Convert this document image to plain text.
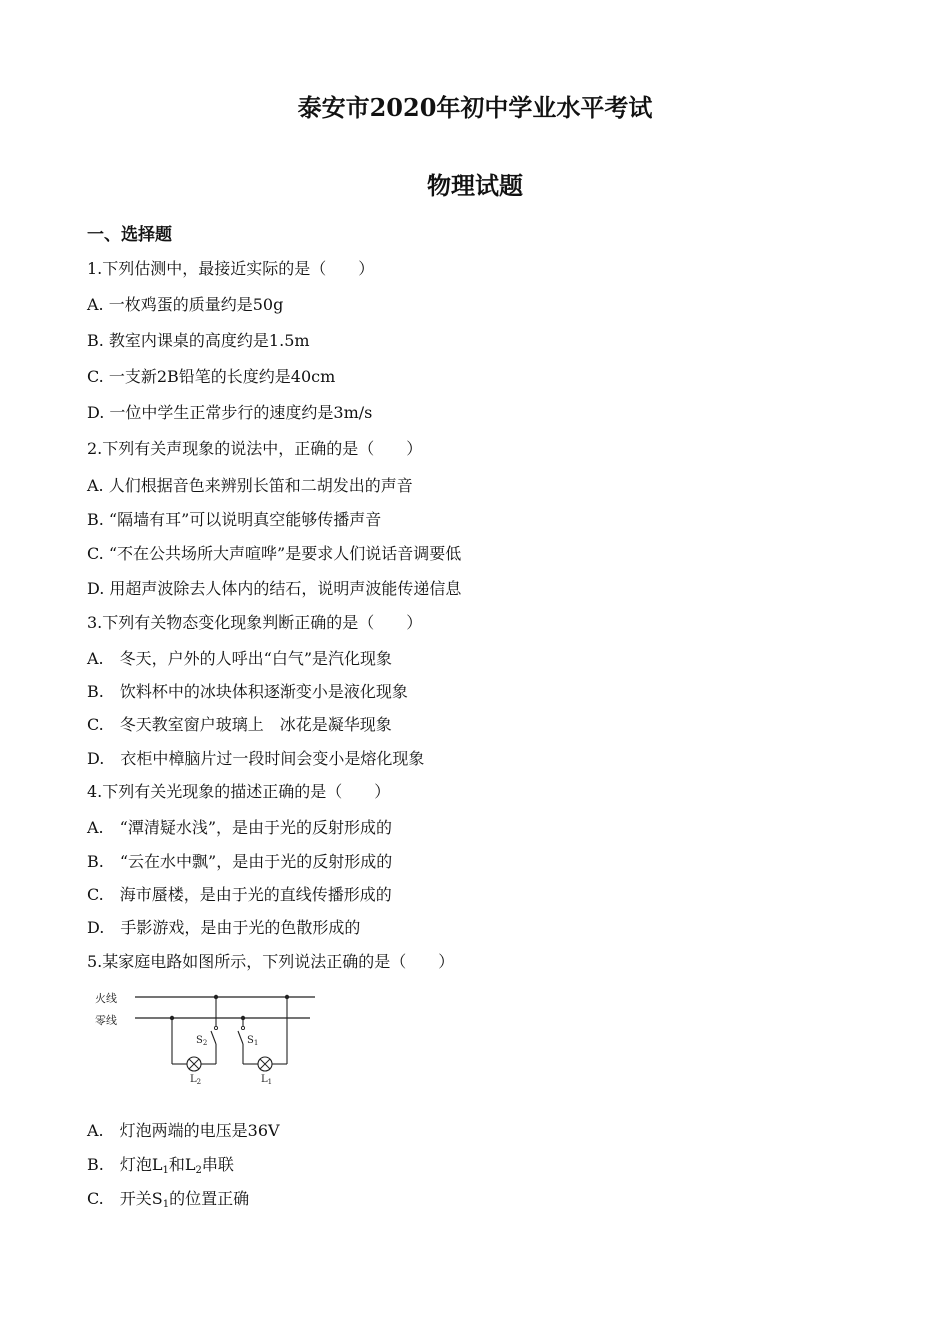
泰安市2020年初中学业水平考试
物理试题
一、选择题
1.下列估测中，最接近实际的是（　　）
A. 一枚鸡蛋的质量约是50g
B. 教室内课桌的高度约是1.5m
C. 一支新2B铅笔的长度约是40cm
D. 一位中学生正常步行的速度约是3m/s
2.下列有关声现象的说法中，正确的是（　　）
A. 人们根据音色来辨别长笛和二胡发出的声音
B. “隔墙有耳”可以说明真空能够传播声音
C. “不在公共场所大声喧哗”是要求人们说话音调要低
D. 用超声波除去人体内的结石，说明声波能传递信息
3.下列有关物态变化现象判断正确的是（　　）
A.　冬天，户外的人呼出“白气”是汽化现象
B.　饮料杯中的冰块体积逐渐变小是液化现象
C.　冬天教室窗户玻璃上　冰花是凝华现象
D.　衣柜中樟脑片过一段时间会变小是熔化现象
4.下列有关光现象的描述正确的是（　　）
A.　“潭清疑水浅”，是由于光的反射形成的
B.　“云在水中飘”，是由于光的反射形成的
C.　海市蜃楼，是由于光的直线传播形成的
D.　手影游戏，是由于光的色散形成的
5.某家庭电路如图所示，下列说法正确的是（　　）
火线
零线
$S_2$
$L_2$
$S_1$
$L_1$
A.　灯泡两端的电压是36V
B.　灯泡$L_1$和$L_2$串联
C.　开关$S_1$的位置正确
